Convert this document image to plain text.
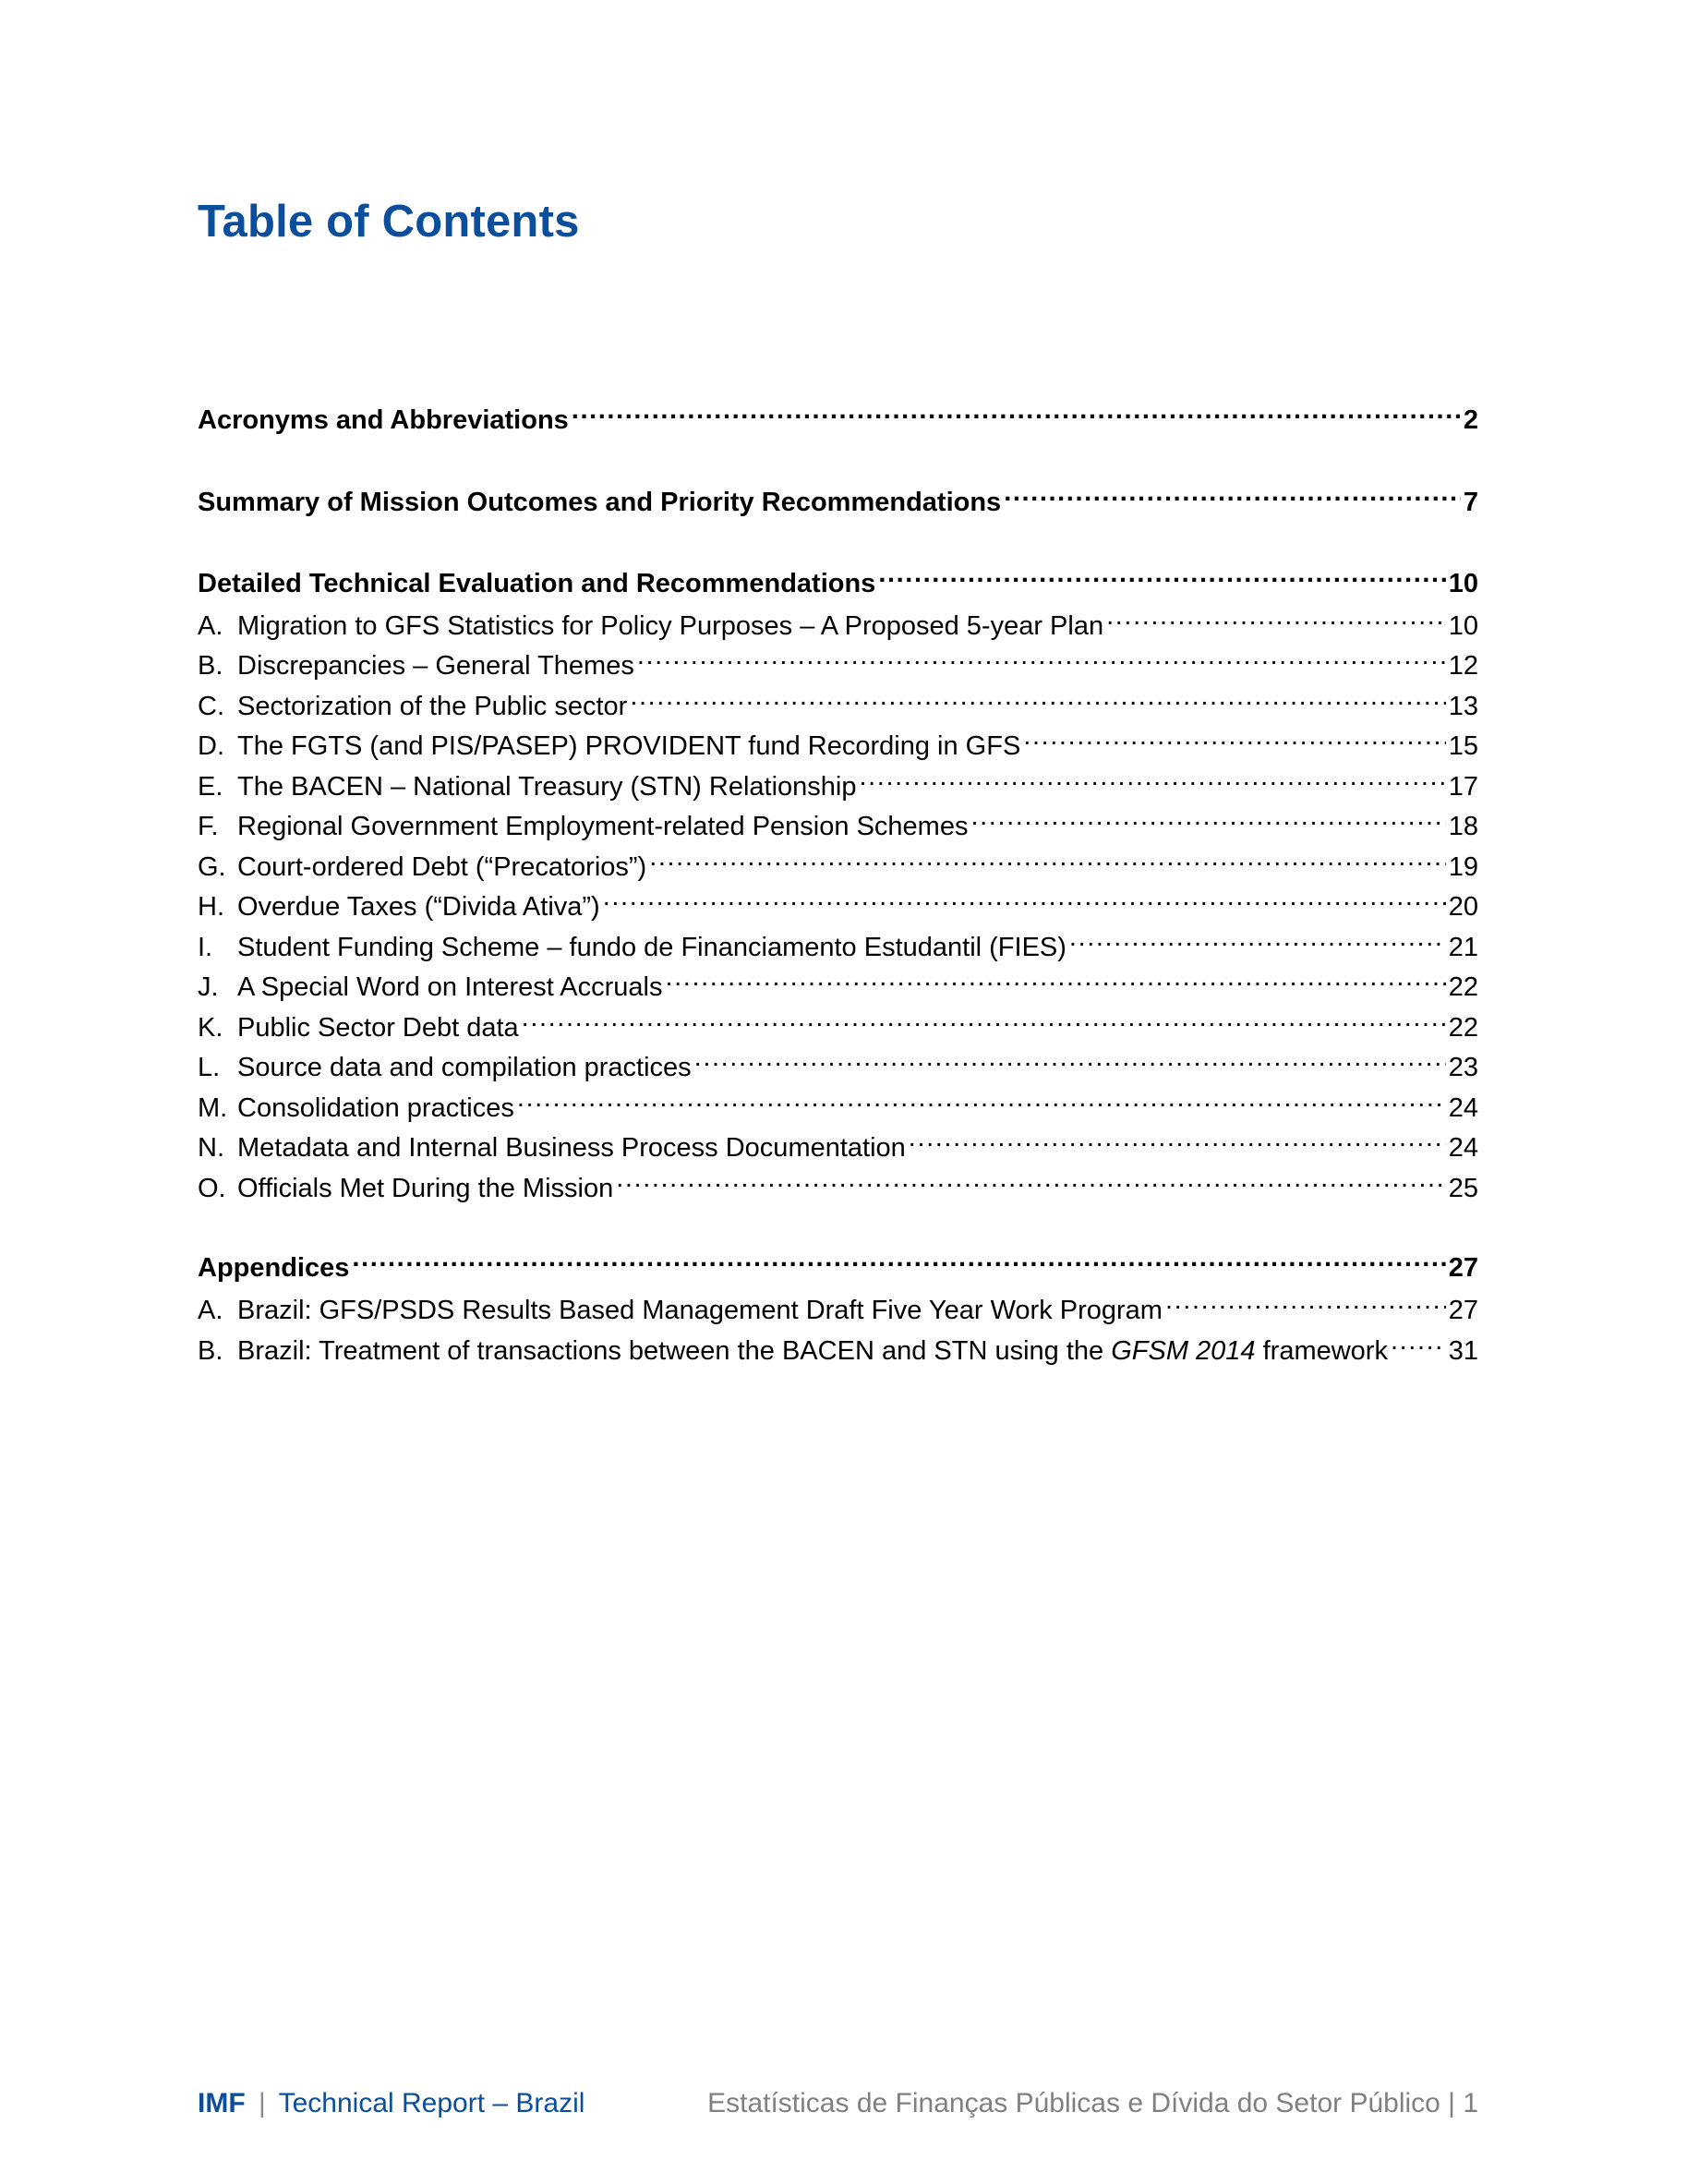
Table of Contents
Acronyms and Abbreviations .....	2
Summary of Mission Outcomes and Priority Recommendations .....	7
Detailed Technical Evaluation and Recommendations .....	10
A. Migration to GFS Statistics for Policy Purposes – A Proposed 5-year Plan .....	10
B. Discrepancies – General Themes .....	12
C. Sectorization of the Public sector .....	13
D. The FGTS (and PIS/PASEP) PROVIDENT fund Recording in GFS .....	15
E. The BACEN – National Treasury (STN) Relationship .....	17
F. Regional Government Employment-related Pension Schemes .....	18
G. Court-ordered Debt (“Precatorios”) .....	19
H. Overdue Taxes (“Divida Ativa”) .....	20
I. Student Funding Scheme – fundo de Financiamento Estudantil (FIES) .....	21
J. A Special Word on Interest Accruals .....	22
K. Public Sector Debt data .....	22
L. Source data and compilation practices .....	23
M. Consolidation practices .....	24
N. Metadata and Internal Business Process Documentation .....	24
O. Officials Met During the Mission .....	25
Appendices .....	27
A. Brazil: GFS/PSDS Results Based Management Draft Five Year Work Program .....	27
B. Brazil: Treatment of transactions between the BACEN and STN using the GFSM 2014 framework ..... 31
IMF | Technical Report – Brazil	Estatísticas de Finanças Públicas e Dívida do Setor Público | 1
